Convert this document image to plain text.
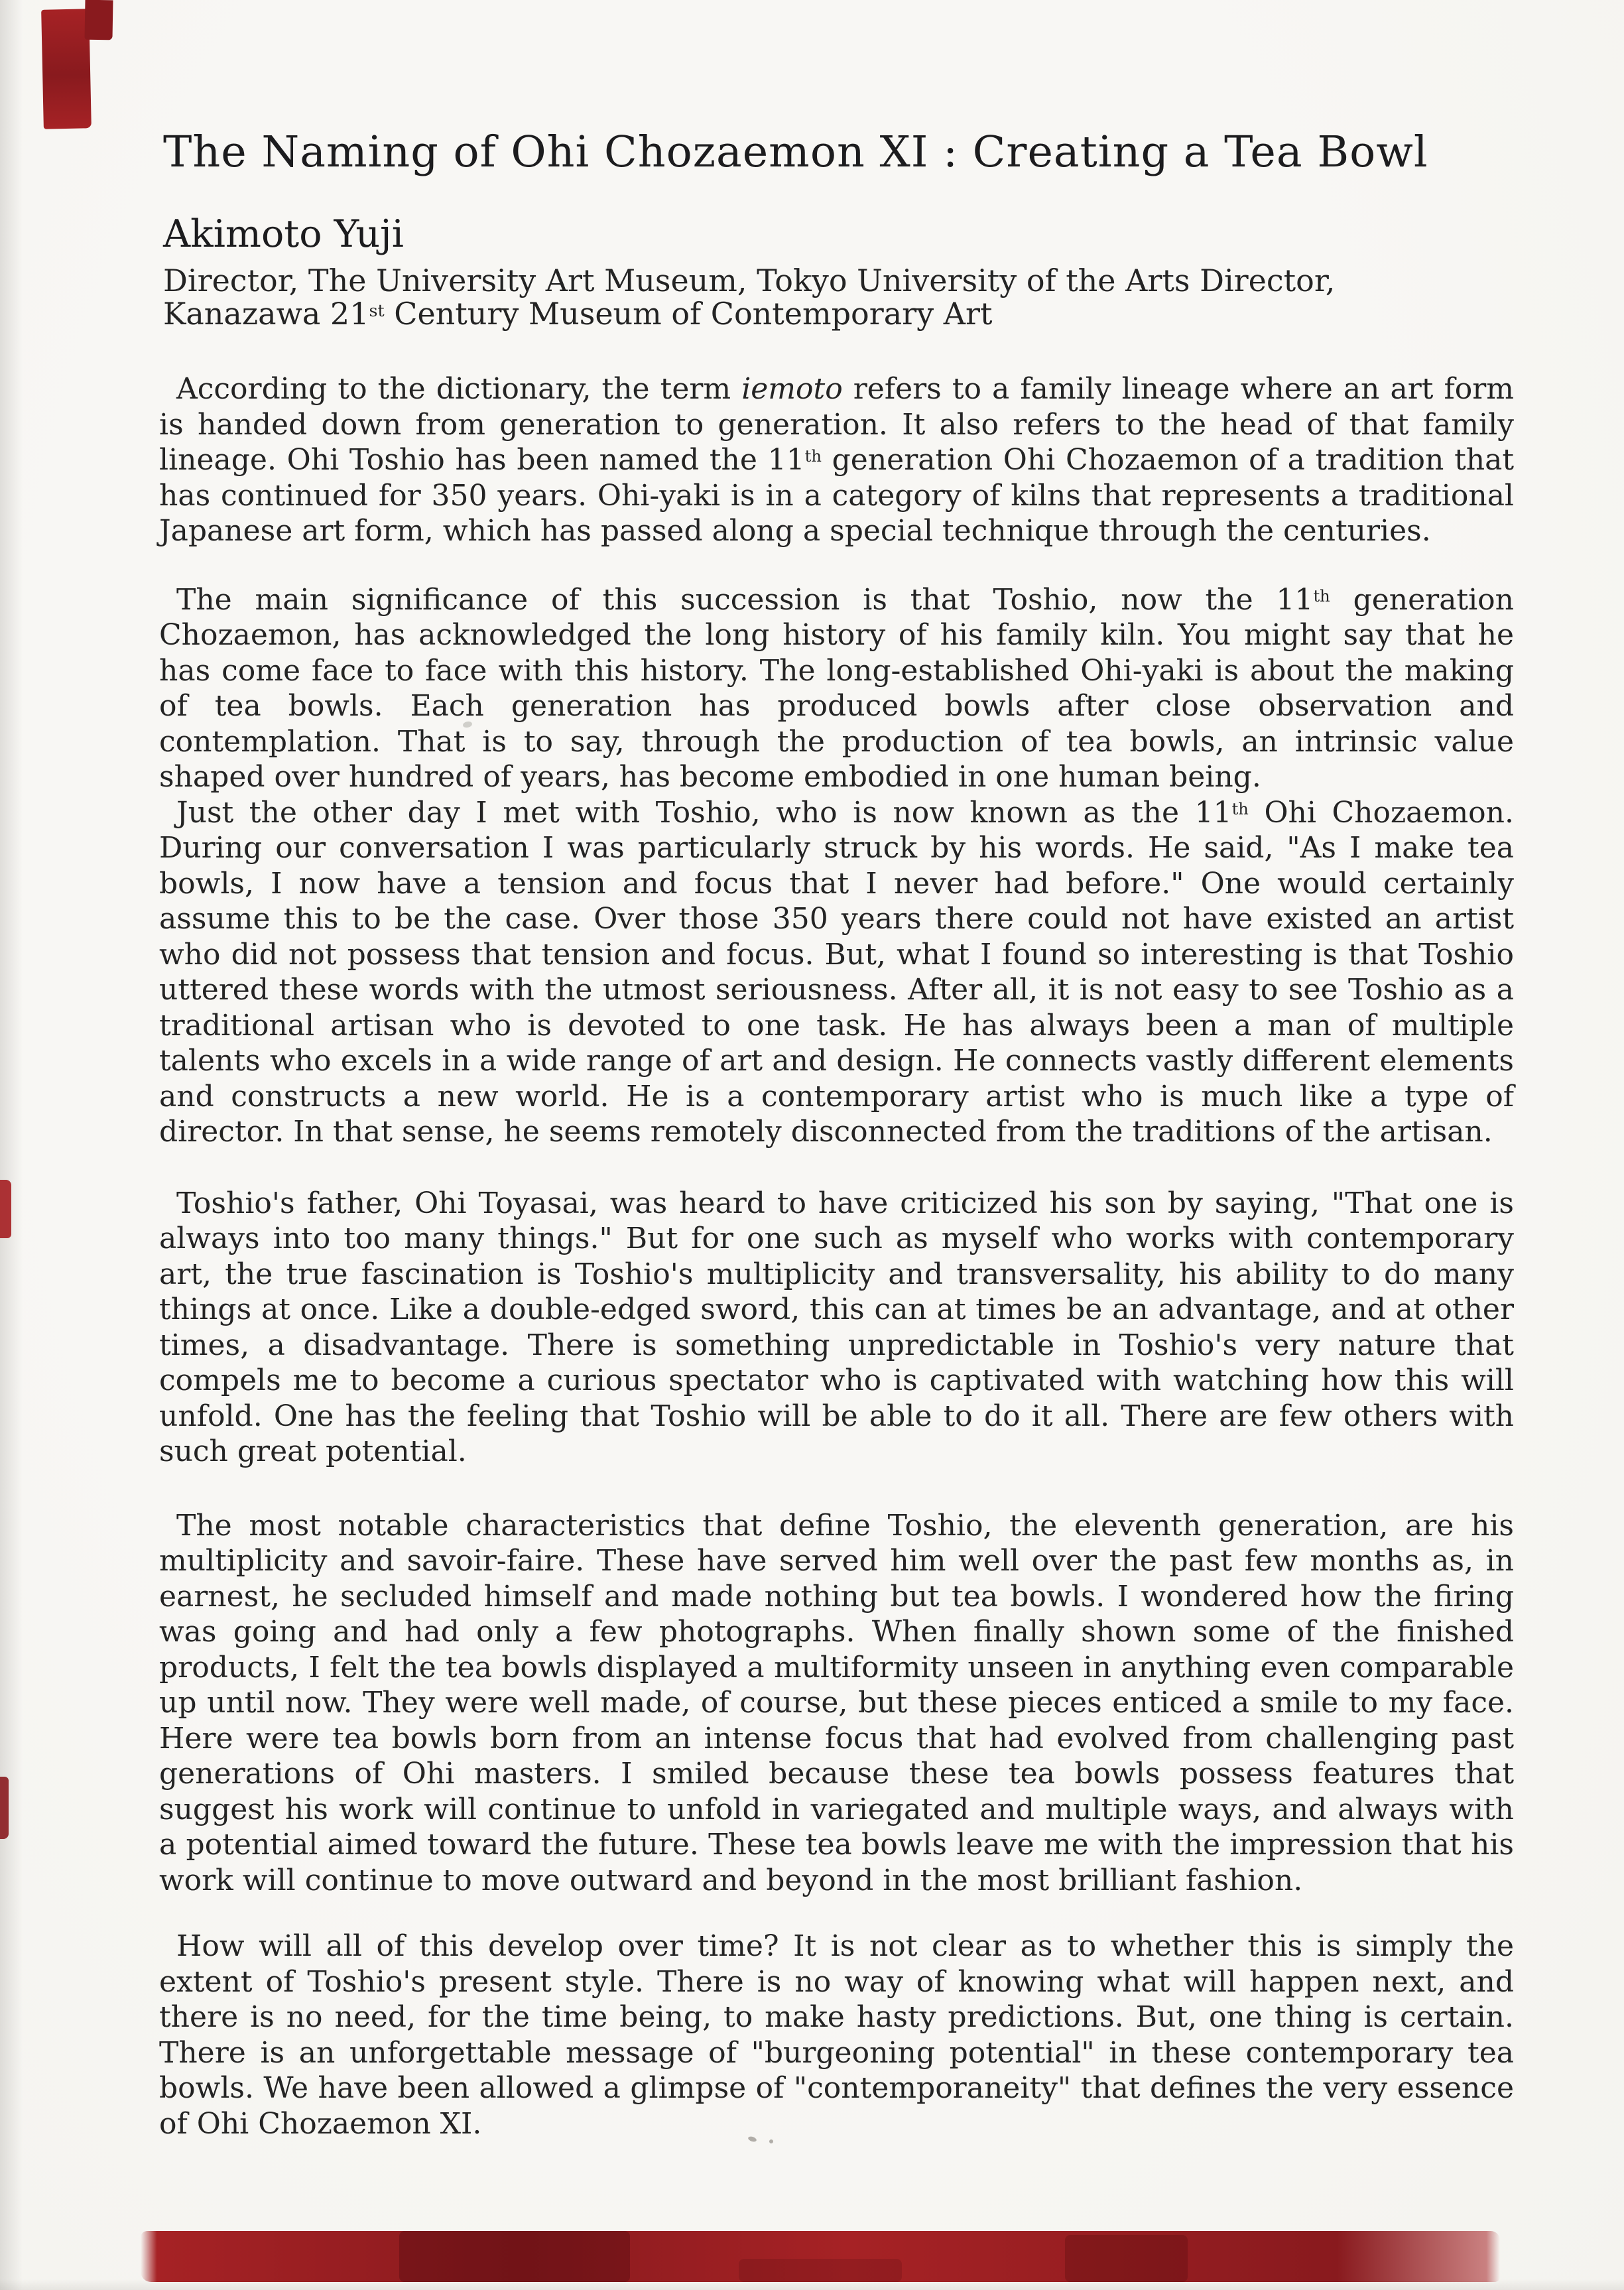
The Naming of Ohi Chozaemon XI : Creating a Tea Bowl
Akimoto Yuji
Director, The University Art Museum, Tokyo University of the Arts Director,
Kanazawa 21st Century Museum of Contemporary Art

According to the dictionary, the term iemoto refers to a family lineage where an art form is handed down from generation to generation. It also refers to the head of that family lineage. Ohi Toshio has been named the 11th generation Ohi Chozaemon of a tradition that has continued for 350 years. Ohi-yaki is in a category of kilns that represents a traditional Japanese art form, which has passed along a special technique through the centuries.

The main significance of this succession is that Toshio, now the 11th generation Chozaemon, has acknowledged the long history of his family kiln. You might say that he has come face to face with this history. The long-established Ohi-yaki is about the making of tea bowls. Each generation has produced bowls after close observation and contemplation. That is to say, through the production of tea bowls, an intrinsic value shaped over hundred of years, has become embodied in one human being.

Just the other day I met with Toshio, who is now known as the 11th Ohi Chozaemon. During our conversation I was particularly struck by his words. He said, "As I make tea bowls, I now have a tension and focus that I never had before." One would certainly assume this to be the case. Over those 350 years there could not have existed an artist who did not possess that tension and focus. But, what I found so interesting is that Toshio uttered these words with the utmost seriousness. After all, it is not easy to see Toshio as a traditional artisan who is devoted to one task. He has always been a man of multiple talents who excels in a wide range of art and design. He connects vastly different elements and constructs a new world. He is a contemporary artist who is much like a type of director. In that sense, he seems remotely disconnected from the traditions of the artisan.

Toshio's father, Ohi Toyasai, was heard to have criticized his son by saying, "That one is always into too many things." But for one such as myself who works with contemporary art, the true fascination is Toshio's multiplicity and transversality, his ability to do many things at once. Like a double-edged sword, this can at times be an advantage, and at other times, a disadvantage. There is something unpredictable in Toshio's very nature that compels me to become a curious spectator who is captivated with watching how this will unfold. One has the feeling that Toshio will be able to do it all. There are few others with such great potential.

The most notable characteristics that define Toshio, the eleventh generation, are his multiplicity and savoir-faire. These have served him well over the past few months as, in earnest, he secluded himself and made nothing but tea bowls. I wondered how the firing was going and had only a few photographs. When finally shown some of the finished products, I felt the tea bowls displayed a multiformity unseen in anything even comparable up until now. They were well made, of course, but these pieces enticed a smile to my face. Here were tea bowls born from an intense focus that had evolved from challenging past generations of Ohi masters. I smiled because these tea bowls possess features that suggest his work will continue to unfold in variegated and multiple ways, and always with a potential aimed toward the future. These tea bowls leave me with the impression that his work will continue to move outward and beyond in the most brilliant fashion.

How will all of this develop over time? It is not clear as to whether this is simply the extent of Toshio's present style. There is no way of knowing what will happen next, and there is no need, for the time being, to make hasty predictions. But, one thing is certain. There is an unforgettable message of "burgeoning potential" in these contemporary tea bowls. We have been allowed a glimpse of "contemporaneity" that defines the very essence of Ohi Chozaemon XI.
